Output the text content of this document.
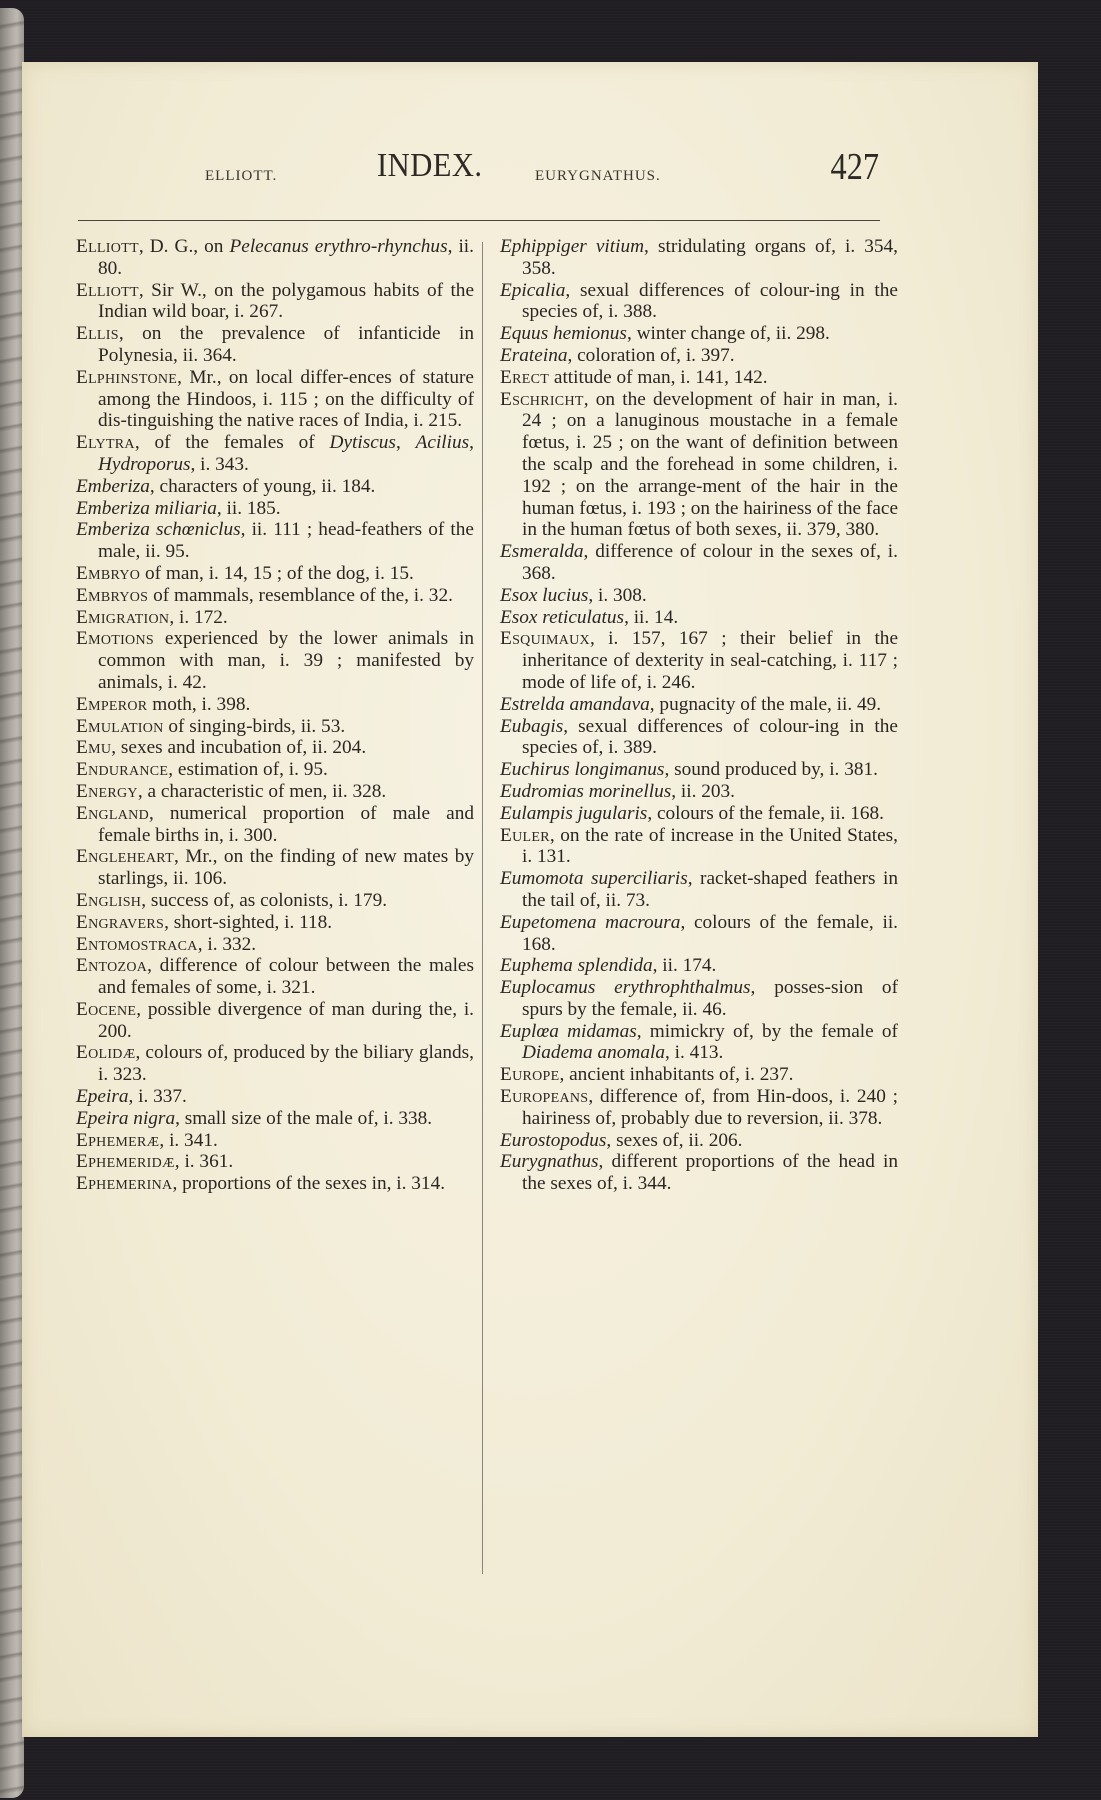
ELLIOTT.	INDEX.	EURYGNATHUS.	427

Elliott, D. G., on Pelecanus erythro-rhynchus, ii. 80.

Elliott, Sir W., on the polygamous habits of the Indian wild boar, i. 267.

Ellis, on the prevalence of infanticide in Polynesia, ii. 364.

Elphinstone, Mr., on local differ-ences of stature among the Hindoos, i. 115 ; on the difficulty of dis-tinguishing the native races of India, i. 215.

Elytra, of the females of Dytiscus, Acilius, Hydroporus, i. 343.

Emberiza, characters of young, ii. 184.

Emberiza miliaria, ii. 185.

Emberiza schœniclus, ii. 111 ; head-feathers of the male, ii. 95.

Embryo of man, i. 14, 15 ; of the dog, i. 15.

Embryos of mammals, resemblance of the, i. 32.

Emigration, i. 172.

Emotions experienced by the lower animals in common with man, i. 39 ; manifested by animals, i. 42.

Emperor moth, i. 398.

Emulation of singing-birds, ii. 53.

Emu, sexes and incubation of, ii. 204.

Endurance, estimation of, i. 95.

Energy, a characteristic of men, ii. 328.

England, numerical proportion of male and female births in, i. 300.

Engleheart, Mr., on the finding of new mates by starlings, ii. 106.

English, success of, as colonists, i. 179.

Engravers, short-sighted, i. 118.

Entomostraca, i. 332.

Entozoa, difference of colour between the males and females of some, i. 321.

Eocene, possible divergence of man during the, i. 200.

Eolidæ, colours of, produced by the biliary glands, i. 323.

Epeira, i. 337.

Epeira nigra, small size of the male of, i. 338.

Ephemeræ, i. 341.

Ephemeridæ, i. 361.

Ephemerina, proportions of the sexes in, i. 314.

Ephippiger vitium, stridulating organs of, i. 354, 358.

Epicalia, sexual differences of colour-ing in the species of, i. 388.

Equus hemionus, winter change of, ii. 298.

Erateina, coloration of, i. 397.

Erect attitude of man, i. 141, 142.

Eschricht, on the development of hair in man, i. 24 ; on a lanuginous moustache in a female fœtus, i. 25 ; on the want of definition between the scalp and the forehead in some children, i. 192 ; on the arrange-ment of the hair in the human fœtus, i. 193 ; on the hairiness of the face in the human fœtus of both sexes, ii. 379, 380.

Esmeralda, difference of colour in the sexes of, i. 368.

Esox lucius, i. 308.

Esox reticulatus, ii. 14.

Esquimaux, i. 157, 167 ; their belief in the inheritance of dexterity in seal-catching, i. 117 ; mode of life of, i. 246.

Estrelda amandava, pugnacity of the male, ii. 49.

Eubagis, sexual differences of colour-ing in the species of, i. 389.

Euchirus longimanus, sound produced by, i. 381.

Eudromias morinellus, ii. 203.

Eulampis jugularis, colours of the female, ii. 168.

Euler, on the rate of increase in the United States, i. 131.

Eumomota superciliaris, racket-shaped feathers in the tail of, ii. 73.

Eupetomena macroura, colours of the female, ii. 168.

Euphema splendida, ii. 174.

Euplocamus erythrophthalmus, posses-sion of spurs by the female, ii. 46.

Euplœa midamas, mimickry of, by the female of Diadema anomala, i. 413.

Europe, ancient inhabitants of, i. 237.

Europeans, difference of, from Hin-doos, i. 240 ; hairiness of, probably due to reversion, ii. 378.

Eurostopodus, sexes of, ii. 206.

Eurygnathus, different proportions of the head in the sexes of, i. 344.
